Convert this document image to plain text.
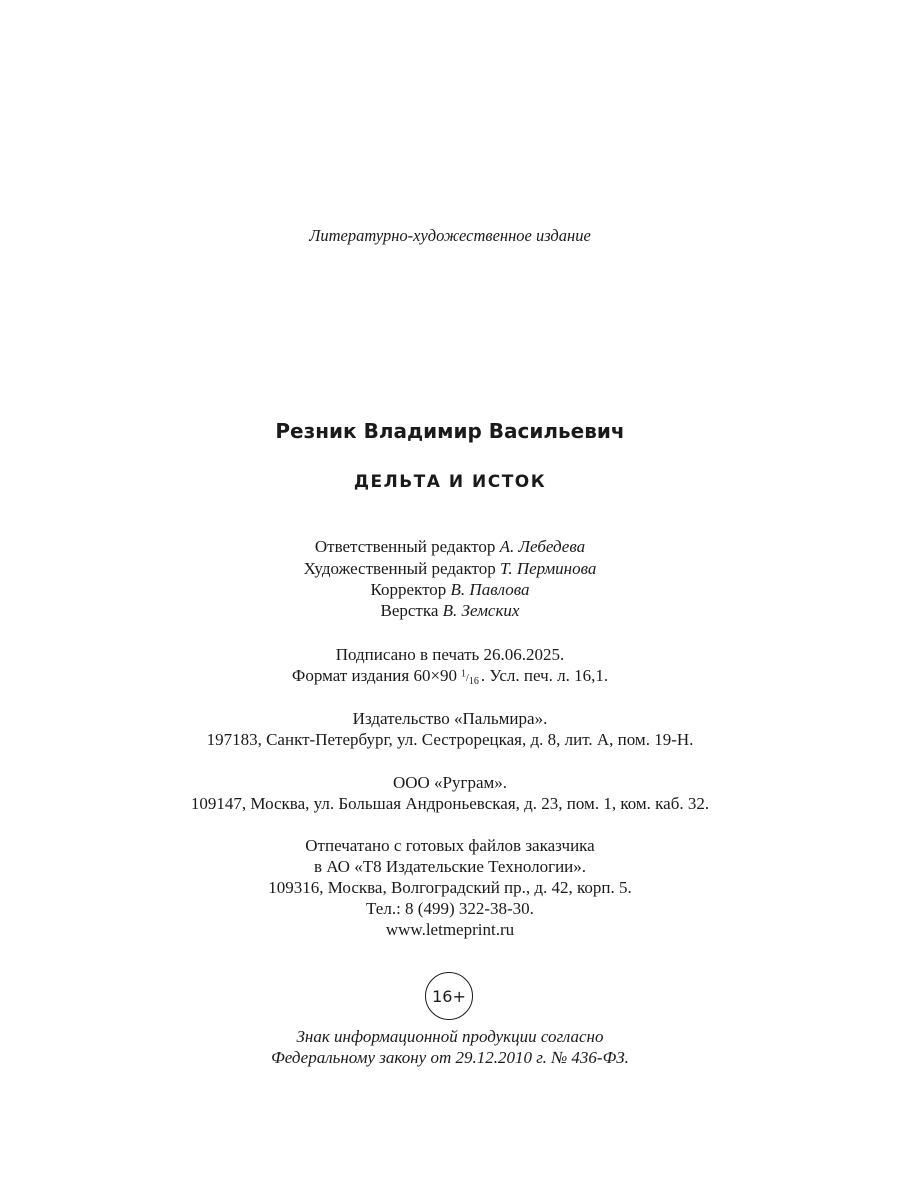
Литературно-художественное издание
Резник Владимир Васильевич
ДЕЛЬТА И ИСТОК
Ответственный редактор А. Лебедева
Художественный редактор Т. Перминова
Корректор В. Павлова
Верстка В. Земских
Подписано в печать 26.06.2025.
Формат издания 60×90 $^1/_{16}$ . Усл. печ. л. 16,1.
Издательство «Пальмира».
197183, Санкт-Петербург, ул. Сестрорецкая, д. 8, лит. А, пом. 19-Н.
ООО «Руграм».
109147, Москва, ул. Большая Андроньевская, д. 23, пом. 1, ком. каб. 32.
Отпечатано с готовых файлов заказчика
в АО «Т8 Издательские Технологии».
109316, Москва, Волгоградский пр., д. 42, корп. 5.
Тел.: 8 (499) 322-38-30.
www.letmeprint.ru
16+
Знак информационной продукции согласно
Федеральному закону от 29.12.2010 г. № 436-ФЗ.
